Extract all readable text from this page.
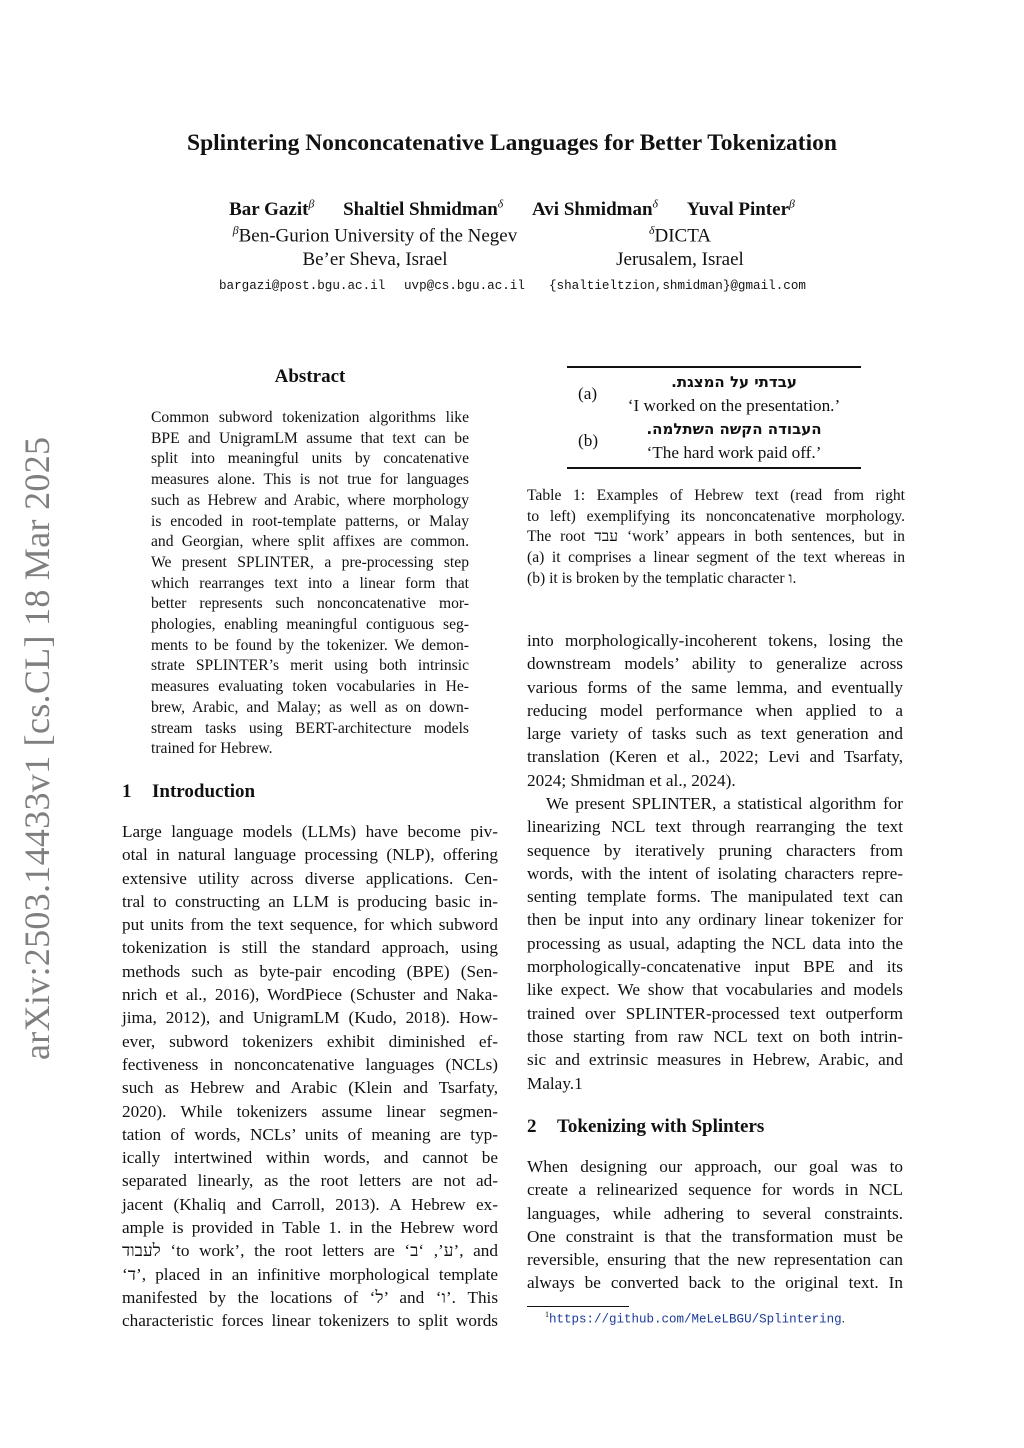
arXiv:2503.14433v1 [cs.CL] 18 Mar 2025
Splintering Nonconcatenative Languages for Better Tokenization
Bar Gazit$^\beta$ Shaltiel Shmidman$^\delta$ Avi Shmidman$^\delta$ Yuval Pinter$^\beta$
$^\beta$Ben-Gurion University of the Negev
Be’er Sheva, Israel
$^\delta$DICTA
Jerusalem, Israel
bargazi@post.bgu.ac.il uvp@cs.bgu.ac.il {shaltieltzion,shmidman}@gmail.com
Abstract
Common subword tokenization algorithms like
BPE and UnigramLM assume that text can be
split into meaningful units by concatenative
measures alone. This is not true for languages
such as Hebrew and Arabic, where morphology
is encoded in root-template patterns, or Malay
and Georgian, where split affixes are common.
We present SPLINTER, a pre-processing step
which rearranges text into a linear form that
better represents such nonconcatenative mor-
phologies, enabling meaningful contiguous seg-
ments to be found by the tokenizer. We demon-
strate SPLINTER’s merit using both intrinsic
measures evaluating token vocabularies in He-
brew, Arabic, and Malay; as well as on down-
stream tasks using BERT-architecture models
trained for Hebrew.
1 Introduction
Large language models (LLMs) have become piv-
otal in natural language processing (NLP), offering
extensive utility across diverse applications. Cen-
tral to constructing an LLM is producing basic in-
put units from the text sequence, for which subword
tokenization is still the standard approach, using
methods such as byte-pair encoding (BPE) (Sen-
nrich et al., 2016), WordPiece (Schuster and Naka-
jima, 2012), and UnigramLM (Kudo, 2018). How-
ever, subword tokenizers exhibit diminished ef-
fectiveness in nonconcatenative languages (NCLs)
such as Hebrew and Arabic (Klein and Tsarfaty,
2020). While tokenizers assume linear segmen-
tation of words, NCLs’ units of meaning are typ-
ically intertwined within words, and cannot be
separated linearly, as the root letters are not ad-
jacent (Khaliq and Carroll, 2013). A Hebrew ex-
ample is provided in Table 1. in the Hebrew word
לעבוד ‘to work’, the root letters are ‘ע’, ‘ב’, and
‘ד’, placed in an infinitive morphological template
manifested by the locations of ‘ל’ and ‘ו’. This
characteristic forces linear tokenizers to split words
(a)
עבדתי על המצגת.
‘I worked on the presentation.’
(b)
העבודה הקשה השתלמה.
‘The hard work paid off.’
Table 1: Examples of Hebrew text (read from right
to left) exemplifying its nonconcatenative morphology.
The root עבד ‘work’ appears in both sentences, but in
(a) it comprises a linear segment of the text whereas in
(b) it is broken by the templatic character ו.
into morphologically-incoherent tokens, losing the
downstream models’ ability to generalize across
various forms of the same lemma, and eventually
reducing model performance when applied to a
large variety of tasks such as text generation and
translation (Keren et al., 2022; Levi and Tsarfaty,
2024; Shmidman et al., 2024).
We present SPLINTER, a statistical algorithm for
linearizing NCL text through rearranging the text
sequence by iteratively pruning characters from
words, with the intent of isolating characters repre-
senting template forms. The manipulated text can
then be input into any ordinary linear tokenizer for
processing as usual, adapting the NCL data into the
morphologically-concatenative input BPE and its
like expect. We show that vocabularies and models
trained over SPLINTER-processed text outperform
those starting from raw NCL text on both intrin-
sic and extrinsic measures in Hebrew, Arabic, and
Malay.1
2 Tokenizing with Splinters
When designing our approach, our goal was to
create a relinearized sequence for words in NCL
languages, while adhering to several constraints.
One constraint is that the transformation must be
reversible, ensuring that the new representation can
always be converted back to the original text. In
$^1$https://github.com/MeLeLBGU/Splintering.
